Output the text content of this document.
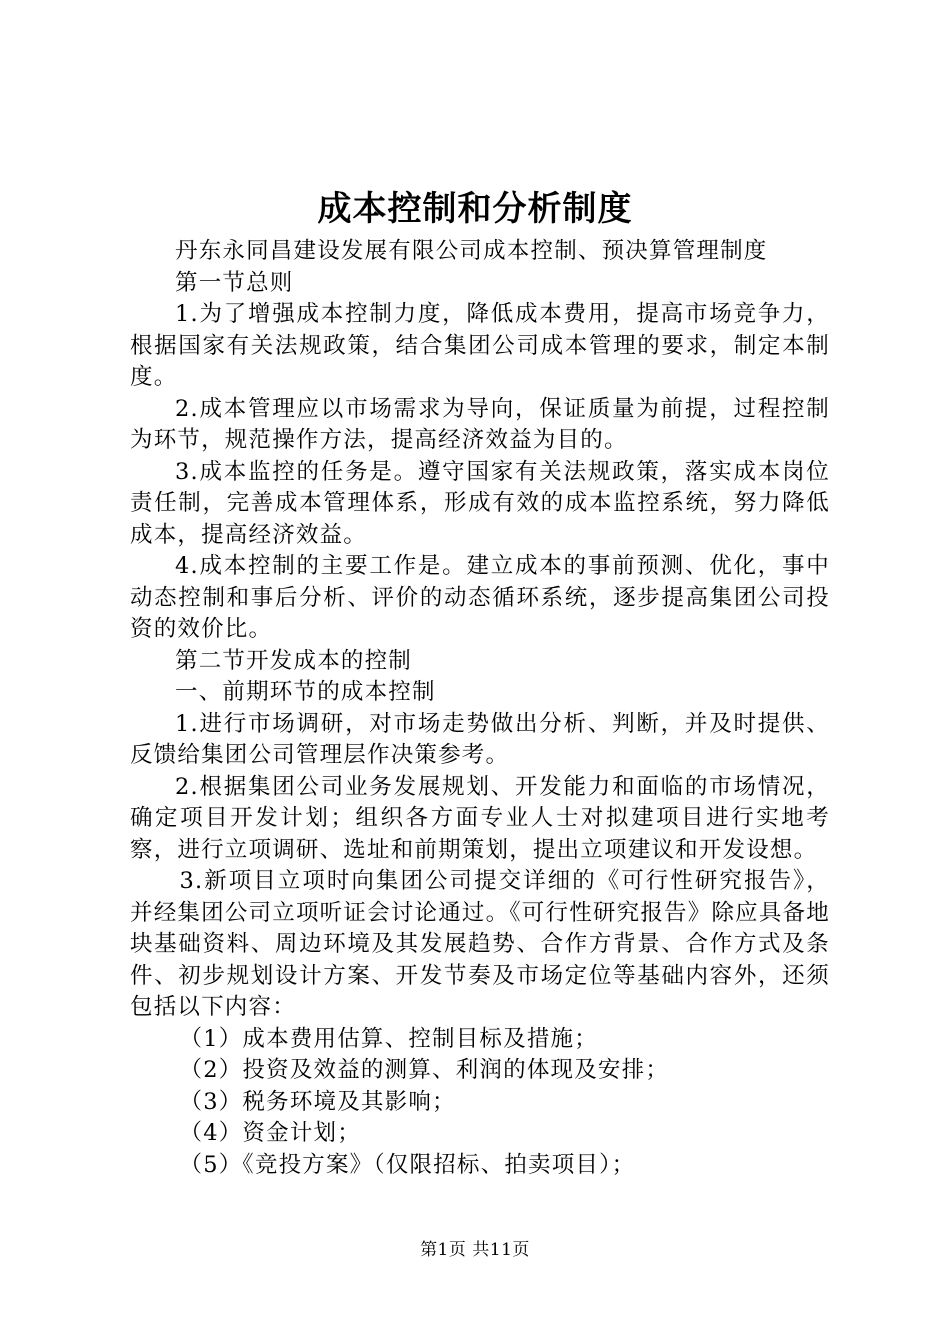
成本控制和分析制度

丹东永同昌建设发展有限公司成本控制、预决算管理制度

第一节总则

1.为了增强成本控制力度，降低成本费用，提高市场竞争力，根据国家有关法规政策，结合集团公司成本管理的要求，制定本制度。

2.成本管理应以市场需求为导向，保证质量为前提，过程控制为环节，规范操作方法，提高经济效益为目的。

3.成本监控的任务是。遵守国家有关法规政策，落实成本岗位责任制，完善成本管理体系，形成有效的成本监控系统，努力降低成本，提高经济效益。

4.成本控制的主要工作是。建立成本的事前预测、优化，事中动态控制和事后分析、评价的动态循环系统，逐步提高集团公司投资的效价比。

第二节开发成本的控制

一、前期环节的成本控制

1.进行市场调研，对市场走势做出分析、判断，并及时提供、反馈给集团公司管理层作决策参考。

2.根据集团公司业务发展规划、开发能力和面临的市场情况，确定项目开发计划；组织各方面专业人士对拟建项目进行实地考察，进行立项调研、选址和前期策划，提出立项建议和开发设想。

3.新项目立项时向集团公司提交详细的《可行性研究报告》，并经集团公司立项听证会讨论通过。《可行性研究报告》除应具备地块基础资料、周边环境及其发展趋势、合作方背景、合作方式及条件、初步规划设计方案、开发节奏及市场定位等基础内容外，还须包括以下内容：

（1）成本费用估算、控制目标及措施；

（2）投资及效益的测算、利润的体现及安排；

（3）税务环境及其影响；

（4）资金计划；

（5）《竞投方案》（仅限招标、拍卖项目）；

第1页 共11页
